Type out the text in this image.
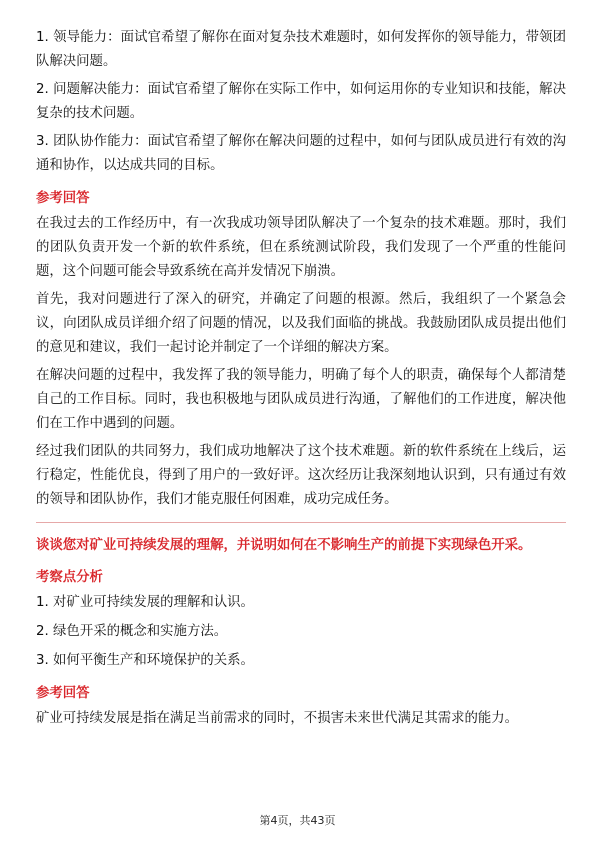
1. 领导能力：面试官希望了解你在面对复杂技术难题时，如何发挥你的领导能力，带领团队解决问题。

2. 问题解决能力：面试官希望了解你在实际工作中，如何运用你的专业知识和技能，解决复杂的技术问题。

3. 团队协作能力：面试官希望了解你在解决问题的过程中，如何与团队成员进行有效的沟通和协作，以达成共同的目标。

参考回答

在我过去的工作经历中，有一次我成功领导团队解决了一个复杂的技术难题。那时，我们的团队负责开发一个新的软件系统，但在系统测试阶段，我们发现了一个严重的性能问题，这个问题可能会导致系统在高并发情况下崩溃。

首先，我对问题进行了深入的研究，并确定了问题的根源。然后，我组织了一个紧急会议，向团队成员详细介绍了问题的情况，以及我们面临的挑战。我鼓励团队成员提出他们的意见和建议，我们一起讨论并制定了一个详细的解决方案。

在解决问题的过程中，我发挥了我的领导能力，明确了每个人的职责，确保每个人都清楚自己的工作目标。同时，我也积极地与团队成员进行沟通，了解他们的工作进度，解决他们在工作中遇到的问题。

经过我们团队的共同努力，我们成功地解决了这个技术难题。新的软件系统在上线后，运行稳定，性能优良，得到了用户的一致好评。这次经历让我深刻地认识到，只有通过有效的领导和团队协作，我们才能克服任何困难，成功完成任务。

谈谈您对矿业可持续发展的理解，并说明如何在不影响生产的前提下实现绿色开采。
考察点分析
1. 对矿业可持续发展的理解和认识。
2. 绿色开采的概念和实施方法。
3. 如何平衡生产和环境保护的关系。
参考回答

矿业可持续发展是指在满足当前需求的同时，不损害未来世代满足其需求的能力。

第4页，共43页
